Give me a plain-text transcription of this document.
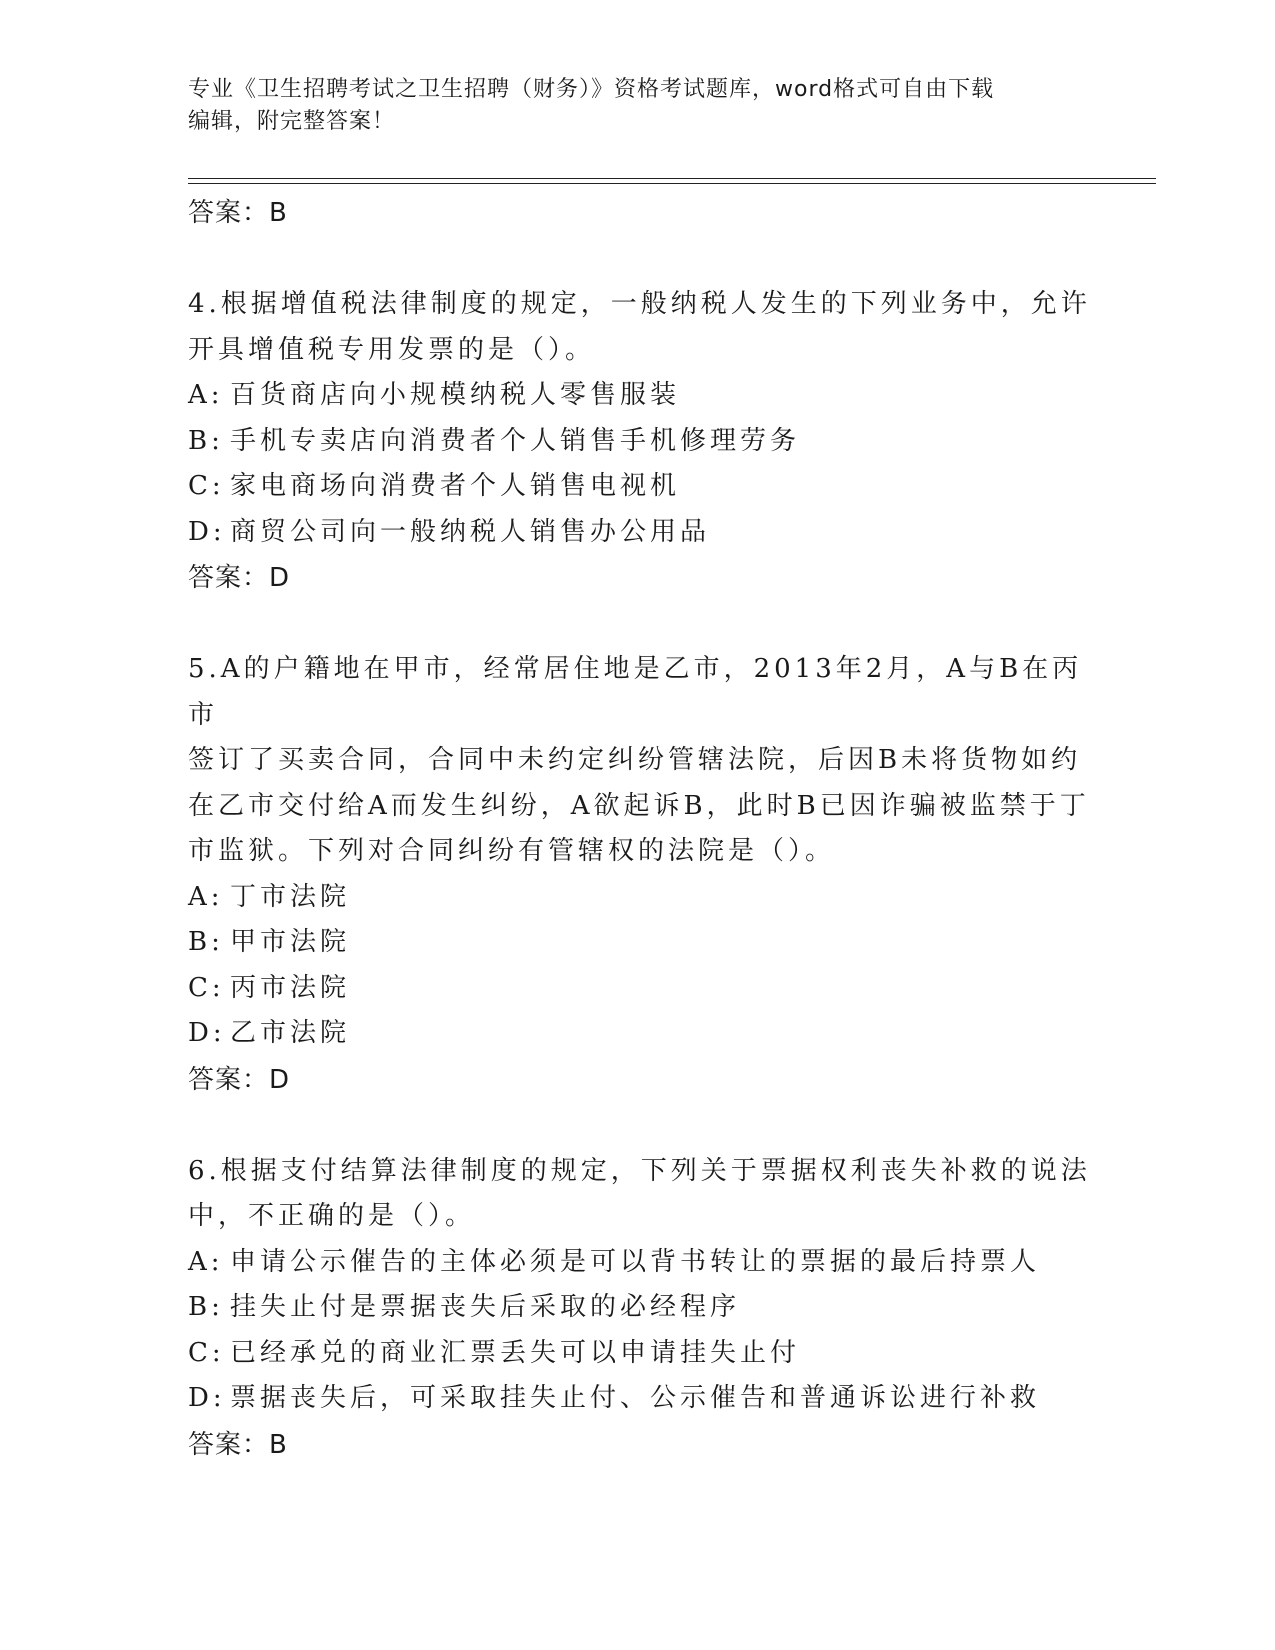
专业《卫生招聘考试之卫生招聘（财务）》资格考试题库，word格式可自由下载
编辑，附完整答案！

答案：B

4.根据增值税法律制度的规定，一般纳税人发生的下列业务中，允许

开具增值税专用发票的是（）。

A: 百货商店向小规模纳税人零售服装

B: 手机专卖店向消费者个人销售手机修理劳务

C: 家电商场向消费者个人销售电视机

D: 商贸公司向一般纳税人销售办公用品

答案：D

5.A的户籍地在甲市，经常居住地是乙市，2013年2月，A与B在丙市

签订了买卖合同，合同中未约定纠纷管辖法院，后因B未将货物如约

在乙市交付给A而发生纠纷，A欲起诉B，此时B已因诈骗被监禁于丁

市监狱。下列对合同纠纷有管辖权的法院是（）。

A: 丁市法院

B: 甲市法院

C: 丙市法院

D: 乙市法院

答案：D

6.根据支付结算法律制度的规定，下列关于票据权利丧失补救的说法

中，不正确的是（）。

A: 申请公示催告的主体必须是可以背书转让的票据的最后持票人

B: 挂失止付是票据丧失后采取的必经程序

C: 已经承兑的商业汇票丢失可以申请挂失止付

D: 票据丧失后，可采取挂失止付、公示催告和普通诉讼进行补救

答案：B
